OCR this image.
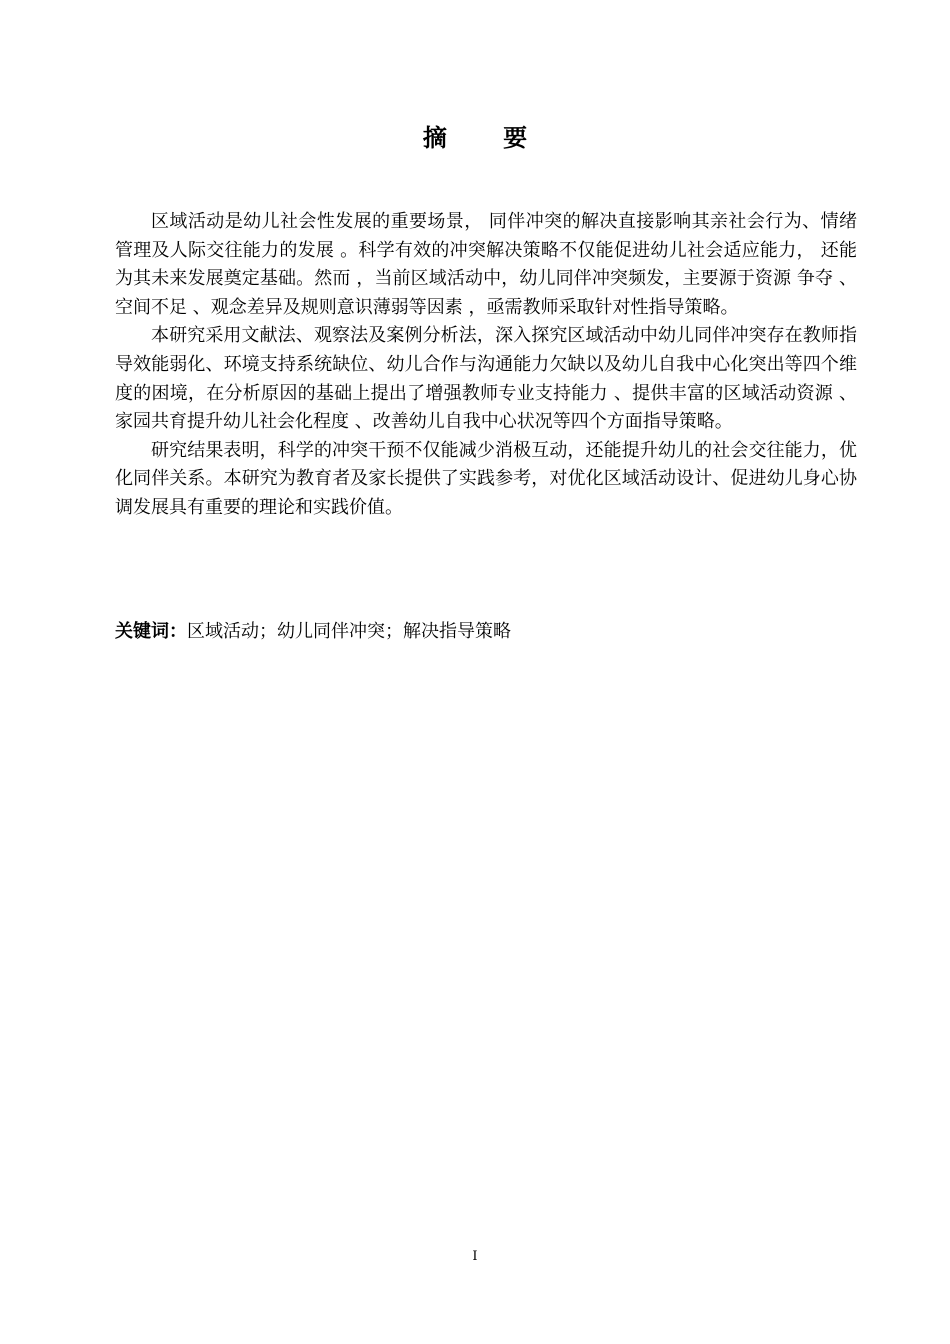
摘 要

区域活动是幼儿社会性发展的重要场景， 同伴冲突的解决直接影响其亲社会行为、情绪管理及人际交往能力的发展 。科学有效的冲突解决策略不仅能促进幼儿社会适应能力， 还能为其未来发展奠定基础。然而 ，当前区域活动中，幼儿同伴冲突频发，主要源于资源 争夺 、空间不足 、观念差异及规则意识薄弱等因素 ，亟需教师采取针对性指导策略。

本研究采用文献法、观察法及案例分析法，深入探究区域活动中幼儿同伴冲突存在教师指导效能弱化、环境支持系统缺位、幼儿合作与沟通能力欠缺以及幼儿自我中心化突出等四个维度的困境，在分析原因的基础上提出了增强教师专业支持能力 、提供丰富的区域活动资源 、家园共育提升幼儿社会化程度 、改善幼儿自我中心状况等四个方面指导策略。

研究结果表明，科学的冲突干预不仅能减少消极互动，还能提升幼儿的社会交往能力，优化同伴关系。本研究为教育者及家长提供了实践参考，对优化区域活动设计、促进幼儿身心协调发展具有重要的理论和实践价值。

关键词：区域活动；幼儿同伴冲突；解决指导策略
I
